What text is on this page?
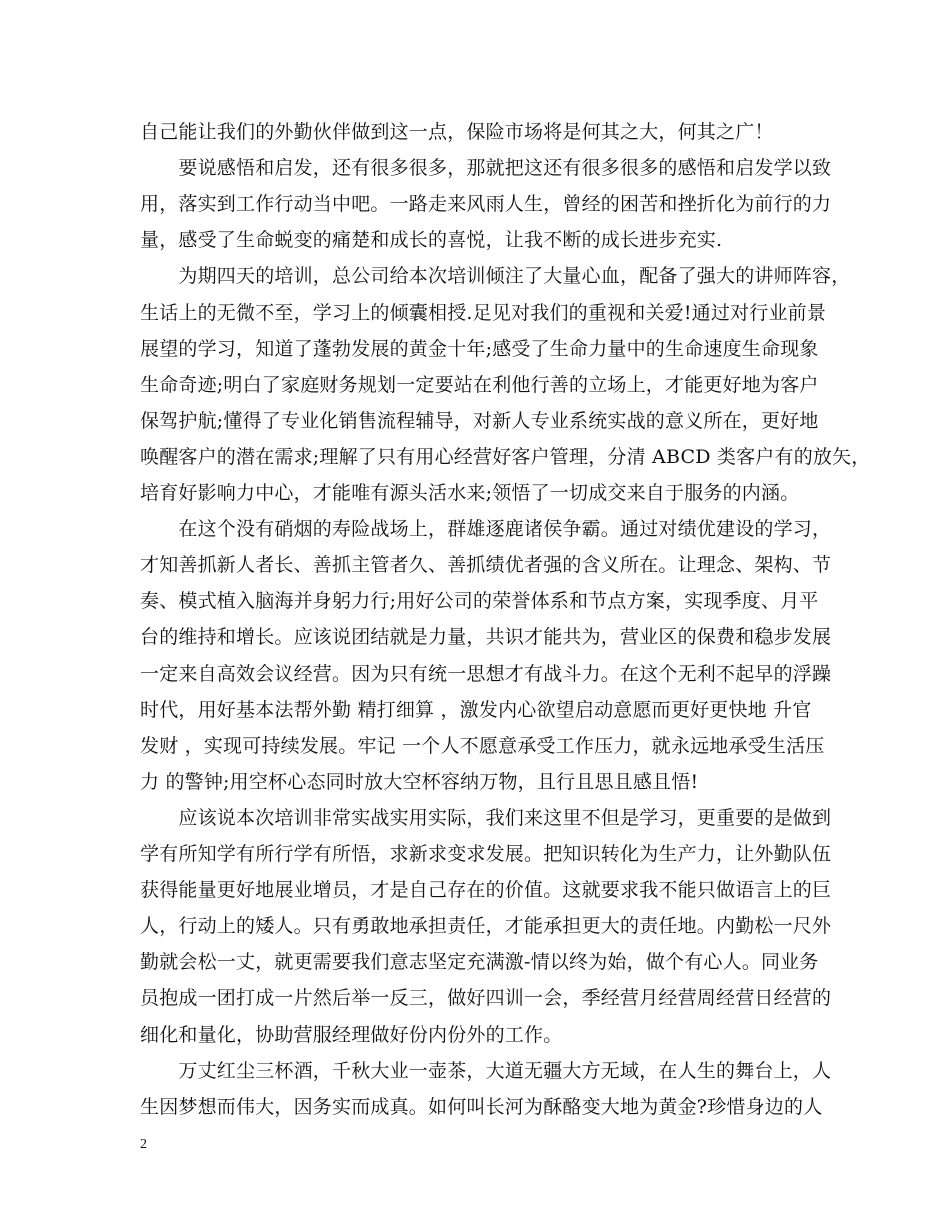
自己能让我们的外勤伙伴做到这一点，保险市场将是何其之大，何其之广！
　　要说感悟和启发，还有很多很多，那就把这还有很多很多的感悟和启发学以致
用，落实到工作行动当中吧。一路走来风雨人生，曾经的困苦和挫折化为前行的力
量，感受了生命蜕变的痛楚和成长的喜悦，让我不断的成长进步充实.
　　为期四天的培训，总公司给本次培训倾注了大量心血，配备了强大的讲师阵容，
生话上的无微不至，学习上的倾囊相授.足见对我们的重视和关爱!通过对行业前景
展望的学习，知道了蓬勃发展的黄金十年;感受了生命力量中的生命速度生命现象
生命奇迹;明白了家庭财务规划一定要站在利他行善的立场上，才能更好地为客户
保驾护航;懂得了专业化销售流程辅导，对新人专业系统实战的意义所在，更好地
唤醒客户的潜在需求;理解了只有用心经营好客户管理，分清 ABCD 类客户有的放矢，
培育好影响力中心，才能唯有源头活水来;领悟了一切成交来自于服务的内涵。
　　在这个没有硝烟的寿险战场上，群雄逐鹿诸侯争霸。通过对绩优建设的学习，
才知善抓新人者长、善抓主管者久、善抓绩优者强的含义所在。让理念、架构、节
奏、模式植入脑海并身躬力行;用好公司的荣誉体系和节点方案，实现季度、月平
台的维持和增长。应该说团结就是力量，共识才能共为，营业区的保费和稳步发展
一定来自高效会议经营。因为只有统一思想才有战斗力。在这个无利不起早的浮躁
时代，用好基本法帮外勤 精打细算 ，激发内心欲望启动意愿而更好更快地 升官
发财 ，实现可持续发展。牢记 一个人不愿意承受工作压力，就永远地承受生活压
力 的警钟;用空杯心态同时放大空杯容纳万物，且行且思且感且悟!
　　应该说本次培训非常实战实用实际，我们来这里不但是学习，更重要的是做到
学有所知学有所行学有所悟，求新求变求发展。把知识转化为生产力，让外勤队伍
获得能量更好地展业增员，才是自己存在的价值。这就要求我不能只做语言上的巨
人，行动上的矮人。只有勇敢地承担责任，才能承担更大的责任地。内勤松一尺外
勤就会松一丈，就更需要我们意志坚定充满激-情以终为始，做个有心人。同业务
员抱成一团打成一片然后举一反三，做好四训一会，季经营月经营周经营日经营的
细化和量化，协助营服经理做好份内份外的工作。
　　万丈红尘三杯酒，千秋大业一壶茶，大道无疆大方无域，在人生的舞台上，人
生因梦想而伟大，因务实而成真。如何叫长河为酥酪变大地为黄金?珍惜身边的人
2
